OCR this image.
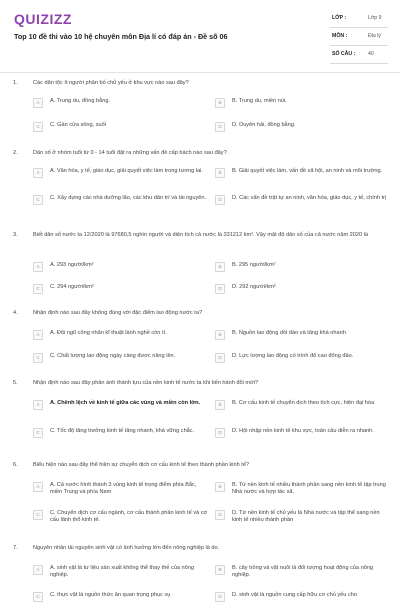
QUIZIZZ
Top 10 đề thi vào 10 hệ chuyên môn Địa lí có đáp án - Đề số 06
LỚP :	Lớp 9
MÔN :	Địa lý
SỐ CÂU : 40
1.	Các dân tộc ít người phân bố chủ yếu ở khu vực nào sau đây?
A	A. Trung du, đồng bằng.	B	B. Trung du, miền núi.
C	C. Gần cửa sông, suối	D	D. Duyên hải, đồng bằng.
2.	Dân số ở nhóm tuổi từ 0 - 14 tuổi đặt ra những vấn đề cấp bách nào sau đây?
A	A. Văn hóa, y tế, giáo dục, giải quyết việc làm trong tương lai.	B	B. Giải quyết việc làm, vấn đề xã hội, an ninh và môi trường.
C	C. Xây dựng các nhà dưỡng lão, các khu dân trí và tài nguyên.	D	D. Các vấn đề trật tự an ninh, văn hóa, giáo dục, y tế, chính trị
3.	Biết dân số nước ta 12/2020 là 97680,5 nghìn người và diện tích cả nước là 331212 km². Vậy mật độ dân số của cả nước năm 2020 là
A	A. 293 người/km²	B	B. 295 người/km²
C	C. 294 người/km²	D	D. 292 người/km²
4.	Nhận định nào sau đây không đúng với đặc điểm lao động nước ta?
A	A. Đội ngũ công nhân kĩ thuật lành nghề còn ít.	B	B. Nguồn lao động dồi dào và tăng khá nhanh
C	C. Chất lượng lao động ngày càng được nâng lên.	D	D. Lực lượng lao động có trình độ cao đông đảo.
5.	Nhận định nào sau đây phản ánh thành tựu của nền kinh tế nước ta khi tiến hành đổi mới?
A	A. Chênh lệch về kinh tế giữa các vùng và miền còn lớn.	B	B. Cơ cấu kinh tế chuyển dịch theo tích cực, hiện đại hóa
C	C. Tốc độ tăng trưởng kinh tế tăng nhanh, khá vững chắc.	D	D. Hội nhập nền kinh tế khu vực, toàn cầu diễn ra nhanh.
6.	Biểu hiện nào sau đây thể hiện sự chuyển dịch cơ cấu kinh tế theo thành phần kinh tế?
A	A. Cả nước hình thành 3 vùng kinh tế trọng điểm phía Bắc, miền Trung và phía Nam
B	B. Từ nền kinh tế nhiều thành phần sang nền kinh tế tập trung Nhà nước và hợp tác xã.
C	C. Chuyển dịch cơ cấu ngành, cơ cấu thành phần kinh tế và cơ cấu lãnh thổ kinh tế.
D	D. Từ nền kinh tế chủ yếu là Nhà nước và tập thể sang nền kinh tế nhiều thành phần
7.	Nguyên nhân tài nguyên sinh vật có ảnh hưởng lớn đến nông nghiệp là do.
A	A. sinh vật là tư liệu sản xuất không thể thay thế của nông nghiệp.
B	B. cây trồng và vật nuôi là đối tượng hoạt động của nông nghiệp.
C	C. thực vật là nguồn thức ăn quan trọng phục vụ	D	D. sinh vật là nguồn cung cấp hữu cơ chủ yếu cho
